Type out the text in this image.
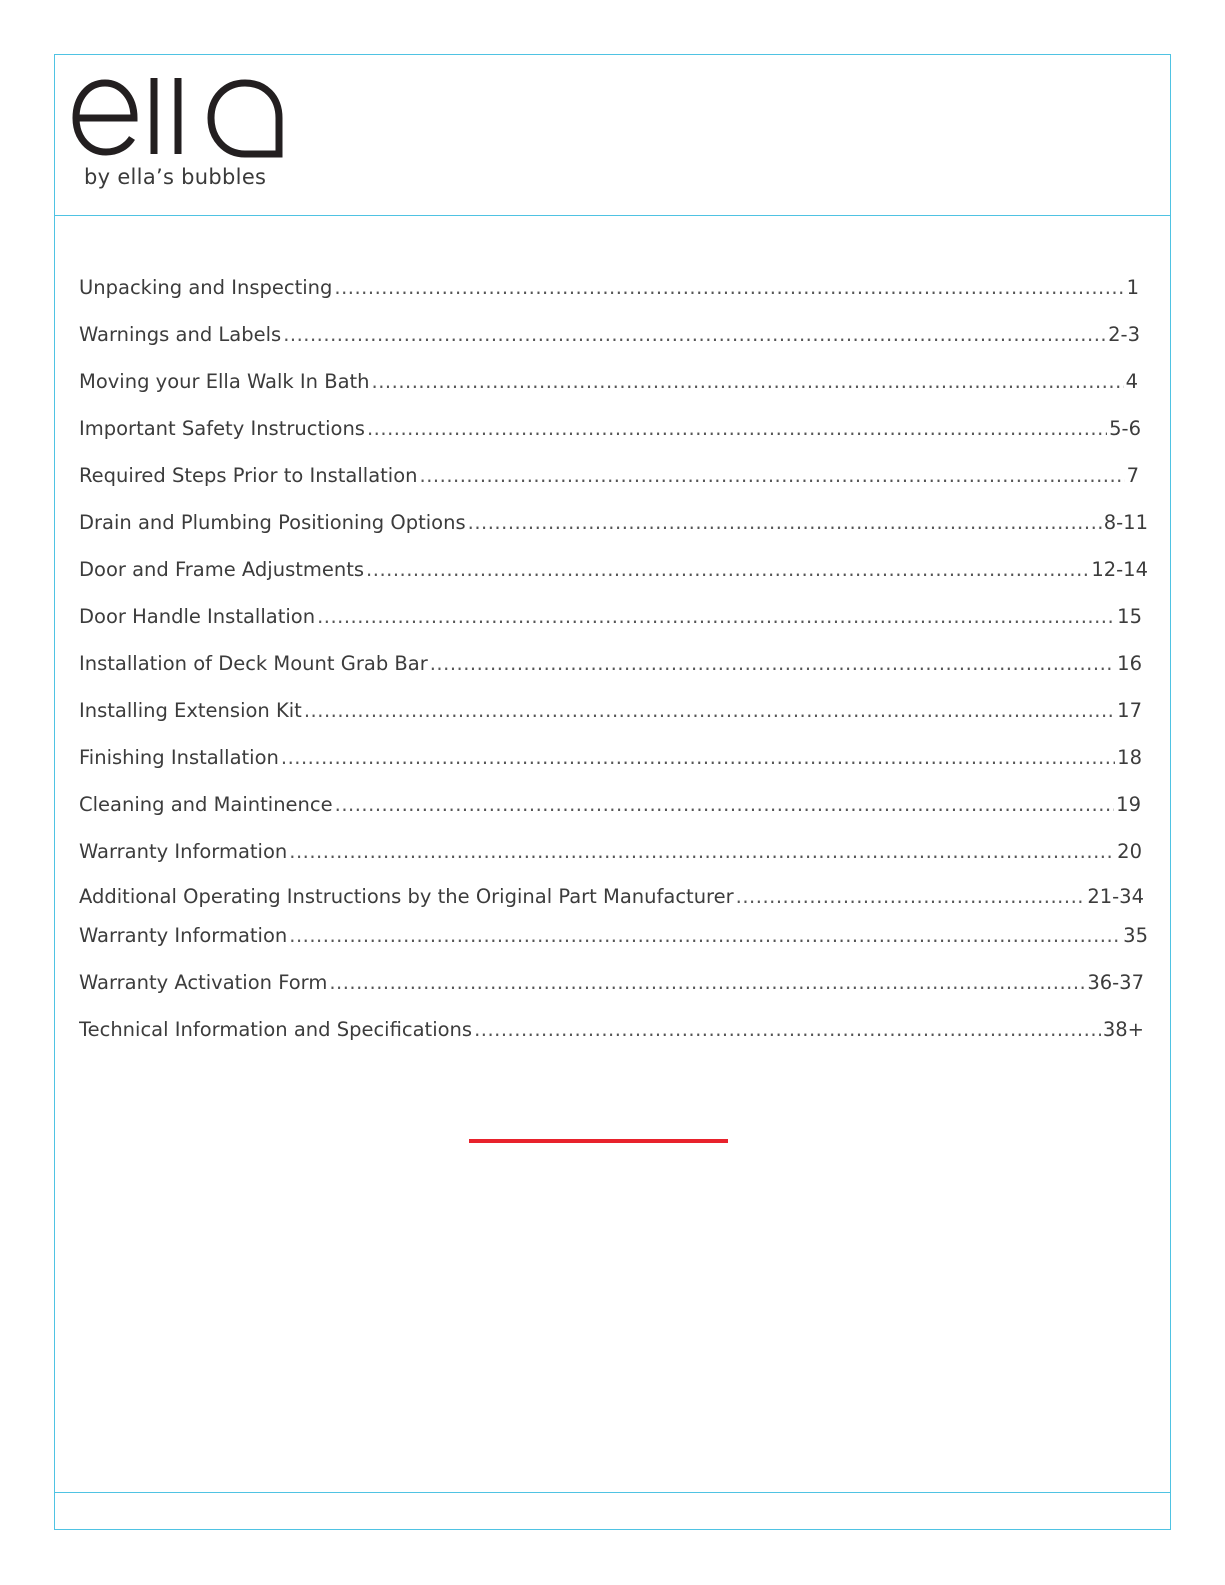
by ella’s bubbles
Unpacking and Inspecting .....	1
Warnings and Labels .....	2-3
Moving your Ella Walk In Bath .....	4
Important Safety Instructions .....	5-6
Required Steps Prior to Installation .....	7
Drain and Plumbing Positioning Options .....	8-11
Door and Frame Adjustments .....	12-14
Door Handle Installation .....	15
Installation of Deck Mount Grab Bar .....	16
Installing Extension Kit .....	17
Finishing Installation .....	18
Cleaning and Maintinence .....	19
Warranty Information .....	20
Additional Operating Instructions by the Original Part Manufacturer .....	21-34
Warranty Information .....	35
Warranty Activation Form .....	36-37
Technical Information and Specifications .....	38+
